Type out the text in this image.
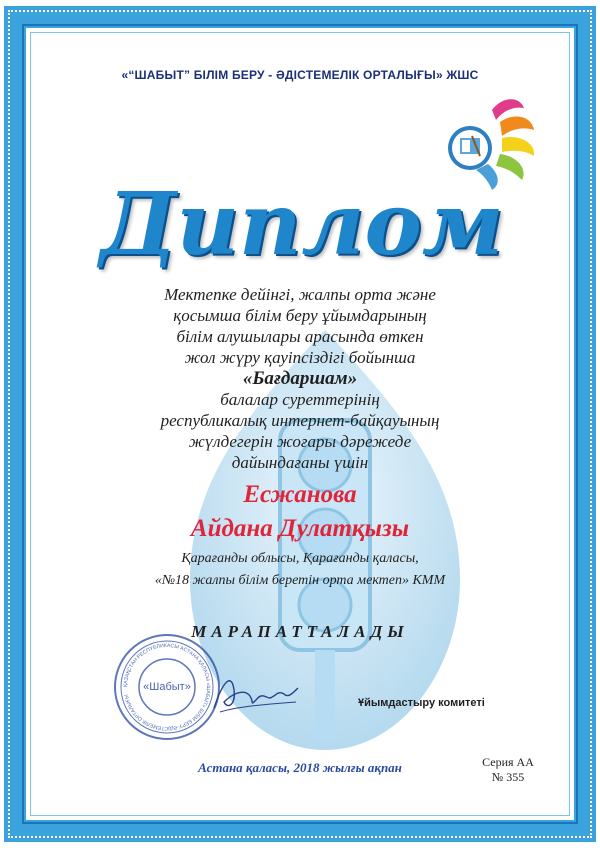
«“ШАБЫТ” БІЛІМ БЕРУ - ӘДІСТЕМЕЛІК ОРТАЛЫҒЫ» ЖШС
Диплом
Мектепке дейінгі, жалпы орта және
қосымша білім беру ұйымдарының
білім алушылары арасында өткен
жол жүру қауіпсіздігі бойынша
«Бағдаршам»
балалар суреттерінің
республикалық интернет-байқауының
жүлдегерін жоғары дәрежеде
дайындағаны үшін
Есжанова
Айдана Дулатқызы
Қарағанды облысы, Қарағанды қаласы,
«№18 жалпы білім беретін орта мектеп» КММ
МАРАПАТТАЛАДЫ
ҚАЗАҚСТАН РЕСПУБЛИКАСЫ АСТАНА ҚАЛАСЫ «ШАБЫТ» БІЛІМ БЕРУ-ӘДІСТЕМЕЛІК ОРТАЛЫҒЫ
«Шабыт»
Ұйымдастыру комитеті
Астана қаласы, 2018 жылғы ақпан	Серия АА
№ 355
